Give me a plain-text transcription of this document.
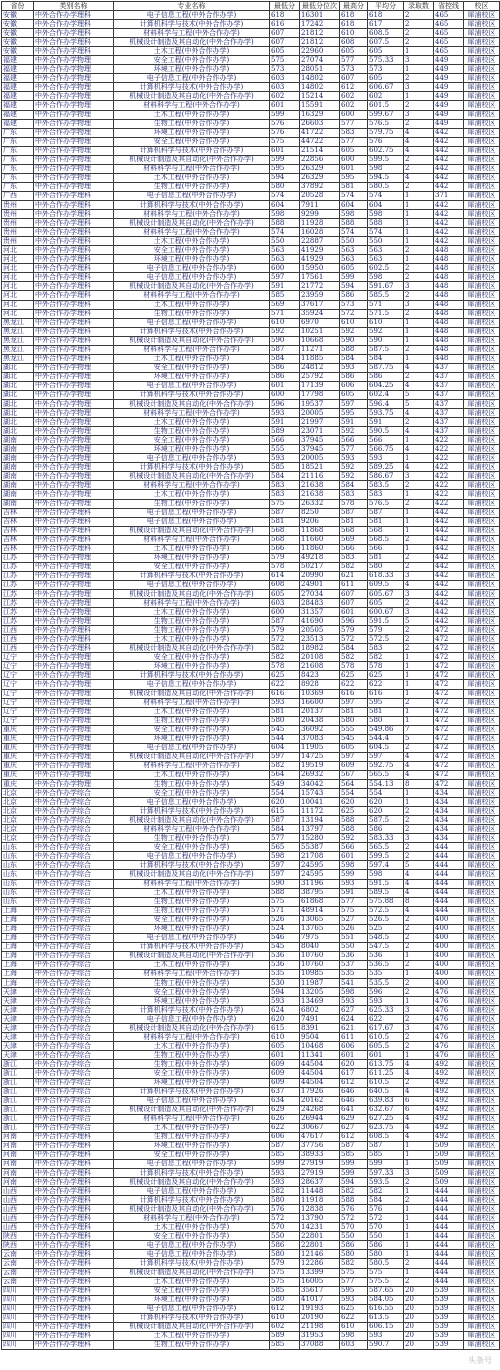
省份	类别名称	专业名称	最低分	最低分位次	最高分	平均分	录取数	省控线	校区
安徽	中外合作办学理科	电子信息工程(中外合作办学)	618	16301	618	618	2	465	犀浦校区
安徽	中外合作办学理科	计算机科学与技术(中外合作办学)	616	17242	618	617	2	465	犀浦校区
安徽	中外合作办学理科	材料科学与工程(中外合作办学)	607	21812	610	608.5	2	465	犀浦校区
安徽	中外合作办学理科	机械设计制造及其自动化(中外合作办学)	607	21812	608	607.5	2	465	犀浦校区
安徽	中外合作办学理科	土木工程(中外合作办学)	605	22960	605	605	1	465	犀浦校区
福建	中外合作办学物理	安全工程(中外合作办学)	575	27074	577	575.33	3	449	犀浦校区
福建	中外合作办学物理	环境工程(中外合作办学)	573	28051	573	573	1	449	犀浦校区
福建	中外合作办学物理	电子信息工程(中外合作办学)	603	14802	607	605	2	449	犀浦校区
福建	中外合作办学物理	计算机科学与技术(中外合作办学)	603	14802	612	606.67	3	449	犀浦校区
福建	中外合作办学物理	机械设计制造及其自动化(中外合作办学)	602	15214	602	602	1	449	犀浦校区
福建	中外合作办学物理	材料科学与工程(中外合作办学)	601	15591	602	601.5	2	449	犀浦校区
福建	中外合作办学物理	土木工程(中外合作办学)	599	16329	600	599.67	3	449	犀浦校区
福建	中外合作办学物理	生物工程(中外合作办学)	576	26603	577	576.5	2	449	犀浦校区
广东	中外合作办学物理	环境工程(中外合作办学)	576	41722	583	579.75	4	442	犀浦校区
广东	中外合作办学物理	安全工程(中外合作办学)	575	44722	577	576	4	442	犀浦校区
广东	中外合作办学物理	计算机科学与技术(中外合作办学)	601	21514	605	602.75	4	442	犀浦校区
广东	中外合作办学物理	机械设计制造及其自动化(中外合作办学)	599	22856	600	599.5	2	442	犀浦校区
广东	中外合作办学物理	材料科学与工程(中外合作办学)	595	26329	601	598	2	442	犀浦校区
广东	中外合作办学物理	土木工程(中外合作办学)	594	26329	595	594.5	4	442	犀浦校区
广东	中外合作办学物理	生物工程(中外合作办学)	580	37892	581	580.5	2	442	犀浦校区
广西	中外合作办学理科	电子信息工程(中外合作办学)	574	20528	574	574	1	371	犀浦校区
贵州	中外合作办学理科	计算机科学与技术(中外合作办学)	604	7911	604	604	1	442	犀浦校区
贵州	中外合作办学理科	材料科学与工程(中外合作办学)	598	9299	598	598	1	442	犀浦校区
贵州	中外合作办学理科	机械设计制造及其自动化(中外合作办学)	588	11928	588	588	1	442	犀浦校区
贵州	中外合作办学理科	材料科学与工程(中外合作办学)	574	16028	574	574	1	442	犀浦校区
贵州	中外合作办学理科	土木工程(中外合作办学)	550	22887	550	550	1	442	犀浦校区
河北	中外合作办学理科	安全工程(中外合作办学)	563	41929	563	563	2	448	犀浦校区
河北	中外合作办学理科	环境工程(中外合作办学)	563	41929	563	563	1	448	犀浦校区
河北	中外合作办学理科	电子信息工程(中外合作办学)	600	15950	605	602.5	2	448	犀浦校区
河北	中外合作办学理科	电子信息工程(中外合作办学)	597	17561	599	598	2	448	犀浦校区
河北	中外合作办学理科	机械设计制造及其自动化(中外合作办学)	591	21772	594	591.67	3	448	犀浦校区
河北	中外合作办学理科	材料科学与工程(中外合作办学)	585	23959	586	585.5	2	448	犀浦校区
河北	中外合作办学理科	土木工程(中外合作办学)	569	37617	573	571	3	448	犀浦校区
河北	中外合作办学理科	生物工程(中外合作办学)	571	35924	572	571.5	2	448	犀浦校区
黑龙江	中外合作办学理科	电子信息工程(中外合作办学)	610	6970	610	610	1	448	犀浦校区
黑龙江	中外合作办学理科	计算机科学与技术(中外合作办学)	592	10251	592	592	1	448	犀浦校区
黑龙江	中外合作办学理科	机械设计制造及其自动化(中外合作办学)	590	10668	590	590	1	448	犀浦校区
黑龙江	中外合作办学理科	材料科学与工程(中外合作办学)	587	11271	588	587.5	2	448	犀浦校区
黑龙江	中外合作办学理科	土木工程(中外合作办学)	584	11885	584	584	1	448	犀浦校区
湖北	中外合作办学物理	安全工程(中外合作办学)	586	24812	593	587.75	4	437	犀浦校区
湖北	中外合作办学物理	环境工程(中外合作办学)	586	25792	586	586	2	437	犀浦校区
湖北	中外合作办学物理	电子信息工程(中外合作办学)	601	17139	606	604.25	4	437	犀浦校区
湖北	中外合作办学物理	计算机科学与技术(中外合作办学)	600	17798	605	602.4	5	437	犀浦校区
湖北	中外合作办学物理	机械设计制造及其自动化(中外合作办学)	596	19537	597	596.4	5	437	犀浦校区
湖北	中外合作办学物理	材料科学与工程(中外合作办学)	593	20005	595	593.75	4	437	犀浦校区
湖北	中外合作办学物理	土木工程(中外合作办学)	591	21997	591	591	2	437	犀浦校区
湖北	中外合作办学物理	生物工程(中外合作办学)	589	23071	592	590.5	4	437	犀浦校区
湖南	中外合作办学物理	安全工程(中外合作办学)	566	37945	566	566	1	422	犀浦校区
湖南	中外合作办学物理	环境工程(中外合作办学)	555	37945	577	566.75	4	422	犀浦校区
湖南	中外合作办学物理	电子信息工程(中外合作办学)	593	20005	593	593	1	422	犀浦校区
湖南	中外合作办学物理	计算机科学与技术(中外合作办学)	585	18521	592	589.25	4	422	犀浦校区
湖南	中外合作办学物理	机械设计制造及其自动化(中外合作办学)	584	21116	592	586.67	3	422	犀浦校区
湖南	中外合作办学物理	材料科学与工程(中外合作办学)	583	21638	584	583.5	2	422	犀浦校区
湖南	中外合作办学物理	土木工程(中外合作办学)	583	21638	583	583	1	422	犀浦校区
湖南	中外合作办学物理	生物工程(中外合作办学)	575	26332	578	576.5	2	422	犀浦校区
吉林	中外合作办学理科	电子信息工程(中外合作办学)	587	8250	587	587	1	442	犀浦校区
吉林	中外合作办学理科	电子信息工程(中外合作办学)	581	9206	581	581	1	442	犀浦校区
吉林	中外合作办学理科	机械设计制造及其自动化(中外合作办学)	568	11868	568	568	1	442	犀浦校区
吉林	中外合作办学理科	材料科学与工程(中外合作办学)	568	11660	569	568.5	2	442	犀浦校区
吉林	中外合作办学理科	土木工程(中外合作办学)	566	11860	566	566	1	442	犀浦校区
江苏	中外合作办学物理	环境工程(中外合作办学)	579	49218	583	581	2	442	犀浦校区
江苏	中外合作办学物理	安全工程(中外合作办学)	578	50217	582	580	2	442	犀浦校区
江苏	中外合作办学物理	计算机科学与技术(中外合作办学)	614	20990	621	618.33	3	442	犀浦校区
江苏	中外合作办学物理	电子信息工程(中外合作办学)	608	24901	611	609.5	4	442	犀浦校区
江苏	中外合作办学物理	机械设计制造及其自动化(中外合作办学)	605	27034	607	605.67	3	442	犀浦校区
江苏	中外合作办学物理	材料科学与工程(中外合作办学)	603	28483	607	605	2	442	犀浦校区
江苏	中外合作办学物理	土木工程(中外合作办学)	600	31357	601	600.67	3	442	犀浦校区
江苏	中外合作办学物理	生物工程(中外合作办学)	587	41690	596	591.5	5	442	犀浦校区
江西	中外合作办学理科	生物工程(中外合作办学)	579	20505	579	579	2	472	犀浦校区
江西	中外合作办学理科	土木工程(中外合作办学)	572	23513	572	572.5	2	472	犀浦校区
江西	中外合作办学理科	机械设计制造及其自动化(中外合作办学)	582	18982	584	583	2	472	犀浦校区
辽宁	中外合作办学物理	安全工程(中外合作办学)	582	20108	582	582	1	472	犀浦校区
辽宁	中外合作办学物理	环境工程(中外合作办学)	578	21608	578	578	1	472	犀浦校区
辽宁	中外合作办学物理	计算机科学与技术(中外合作办学)	625	8423	625	625	1	472	犀浦校区
辽宁	中外合作办学物理	电子信息工程(中外合作办学)	622	8928	622	622	1	472	犀浦校区
辽宁	中外合作办学物理	机械设计制造及其自动化(中外合作办学)	616	10369	616	616	1	472	犀浦校区
辽宁	中外合作办学物理	材料科学与工程(中外合作办学)	593	16600	597	595	2	472	犀浦校区
辽宁	中外合作办学物理	土木工程(中外合作办学)	581	20137	581	581	1	472	犀浦校区
辽宁	中外合作办学物理	生物工程(中外合作办学)	580	20438	580	580	1	472	犀浦校区
重庆	中外合作办学物理	安全工程(中外合作办学)	545	36092	555	549.86	7	472	犀浦校区
重庆	中外合作办学物理	环境工程(中外合作办学)	544	37083	545	544.4	5	472	犀浦校区
重庆	中外合作办学物理	电子信息工程(中外合作办学)	604	11905	605	604.5	2	472	犀浦校区
重庆	中外合作办学物理	机械设计制造及其自动化(中外合作办学)	597	14725	597	597	4	472	犀浦校区
重庆	中外合作办学物理	材料科学与工程(中外合作办学)	582	19519	609	592.75	4	472	犀浦校区
重庆	中外合作办学物理	土木工程(中外合作办学)	564	26932	567	565.5	4	472	犀浦校区
重庆	中外合作办学物理	生物工程(中外合作办学)	549	34042	564	554.13	8	472	犀浦校区
北京	中外合作办学综合	安全工程(中外合作办学)	554	15743	554	554	1	434	犀浦校区
北京	中外合作办学综合	电子信息工程(中外合作办学)	620	10041	620	620	1	434	犀浦校区
北京	中外合作办学综合	计算机科学与技术(中外合作办学)	615	11172	625	620	2	434	犀浦校区
北京	中外合作办学综合	机械设计制造及其自动化(中外合作办学)	587	13194	588	587.5	2	434	犀浦校区
北京	中外合作办学综合	材料科学与工程(中外合作办学)	584	13797	588	586	2	434	犀浦校区
北京	中外合作办学综合	生物工程(中外合作办学)	577	15280	592	583.33	3	434	犀浦校区
山东	中外合作办学综合	安全工程(中外合作办学)	565	55387	566	565.5	2	444	犀浦校区
山东	中外合作办学综合	电子信息工程(中外合作办学)	598	21708	601	599.5	2	444	犀浦校区
山东	中外合作办学综合	计算机科学与技术(中外合作办学)	597	24595	598	597.4	5	444	犀浦校区
山东	中外合作办学综合	机械设计制造及其自动化(中外合作办学)	597	24595	599	598	4	444	犀浦校区
山东	中外合作办学综合	材料科学与工程(中外合作办学)	590	31196	593	591.5	4	444	犀浦校区
山东	中外合作办学综合	土木工程(中外合作办学)	588	38795	591	589.5	4	444	犀浦校区
山东	中外合作办学综合	生物工程(中外合作办学)	575	61868	577	575.88	8	444	犀浦校区
上海	中外合作办学综合	生物工程(中外合作办学)	571	48914	575	572.5	4	444	犀浦校区
上海	中外合作办学综合	安全工程(中外合作办学)	526	13065	527	526.5	2	400	犀浦校区
上海	中外合作办学综合	环境工程(中外合作办学)	524	13765	526	525	2	400	犀浦校区
上海	中外合作办学综合	电子信息工程(中外合作办学)	546	7975	551	548.5	2	400	犀浦校区
上海	中外合作办学综合	计算机科学与技术(中外合作办学)	545	8040	550	547.5	2	400	犀浦校区
上海	中外合作办学综合	机械设计制造及其自动化(中外合作办学)	536	10760	536	536	1	400	犀浦校区
上海	中外合作办学综合	土木工程(中外合作办学)	536	10760	537	536.5	2	400	犀浦校区
上海	中外合作办学综合	材料科学与工程(中外合作办学)	535	10985	535	535	1	400	犀浦校区
上海	中外合作办学综合	生物工程(中外合作办学)	530	11987	541	535.5	2	400	犀浦校区
天津	中外合作办学综合	安全工程(中外合作办学)	594	13205	598	596	2	476	犀浦校区
天津	中外合作办学综合	环境工程(中外合作办学)	593	13469	593	593	1	476	犀浦校区
天津	中外合作办学综合	计算机科学与技术(中外合作办学)	624	6802	627	625.33	3	476	犀浦校区
天津	中外合作办学综合	电子信息工程(中外合作办学)	620	7491	624	622	2	476	犀浦校区
天津	中外合作办学综合	机械设计制造及其自动化(中外合作办学)	615	8391	621	617.67	3	476	犀浦校区
天津	中外合作办学综合	材料科学与工程(中外合作办学)	610	9504	611	610.5	2	476	犀浦校区
天津	中外合作办学综合	土木工程(中外合作办学)	605	10468	606	605.5	2	476	犀浦校区
天津	中外合作办学综合	生物工程(中外合作办学)	601	11341	601	601	1	476	犀浦校区
浙江	中外合作办学综合	生物工程(中外合作办学)	609	44504	620	613.75	4	492	犀浦校区
浙江	中外合作办学综合	安全工程(中外合作办学)	609	44504	617	611.25	4	492	犀浦校区
浙江	中外合作办学综合	环境工程(中外合作办学)	609	44504	612	610.5	2	492	犀浦校区
浙江	中外合作办学综合	计算机科学与技术(中外合作办学)	637	17926	646	640.5	4	492	犀浦校区
浙江	中外合作办学综合	电子信息工程(中外合作办学)	634	20162	646	639.83	6	492	犀浦校区
浙江	中外合作办学综合	机械设计制造及其自动化(中外合作办学)	629	24268	641	632.67	6	492	犀浦校区
浙江	中外合作办学综合	材料科学与工程(中外合作办学)	626	26944	629	627.25	4	492	犀浦校区
浙江	中外合作办学综合	土木工程(中外合作办学)	622	30667	627	623.75	4	492	犀浦校区
河南	中外合作办学理科	生物工程(中外合作办学)	606	47617	612	608.5	4	492	犀浦校区
河南	中外合作办学理科	环境工程(中外合作办学)	587	37756	587	587	1	509	犀浦校区
河南	中外合作办学理科	安全工程(中外合作办学)	585	38933	585	585	1	509	犀浦校区
河南	中外合作办学理科	电子信息工程(中外合作办学)	599	27919	599	599	1	509	犀浦校区
河南	中外合作办学理科	计算机科学与技术(中外合作办学)	593	27919	599	597.33	3	509	犀浦校区
河南	中外合作办学理科	机械设计制造及其自动化(中外合作办学)	593	28637	594	593.5	2	509	犀浦校区
山西	中外合作办学理科	电子信息工程(中外合作办学)	582	11448	582	582	1	444	犀浦校区
山西	中外合作办学理科	计算机科学与技术(中外合作办学)	580	11918	588	584	2	444	犀浦校区
山西	中外合作办学理科	机械设计制造及其自动化(中外合作办学)	576	12838	576	576	1	444	犀浦校区
山西	中外合作办学理科	材料科学与工程(中外合作办学)	572	13790	572	572	1	444	犀浦校区
山西	中外合作办学理科	土木工程(中外合作办学)	570	14231	570	570	1	444	犀浦校区
陕西	中外合作办学理科	安全工程(中外合作办学)	550	22801	550	550	1	444	犀浦校区
陕西	中外合作办学理科	电子信息工程(中外合作办学)	586	22801	586	586	1	444	犀浦校区
云南	中外合作办学理科	电子信息工程(中外合作办学)	580	12146	580	580	1	444	犀浦校区
云南	中外合作办学理科	计算机科学与技术(中外合作办学)	579	12286	582	580.5	2	444	犀浦校区
云南	中外合作办学理科	机械设计制造及其自动化(中外合作办学)	575	13399	575	575	1	444	犀浦校区
云南	中外合作办学理科	土木工程(中外合作办学)	575	16005	577	575.5	2	444	犀浦校区
四川	中外合作办学理科	安全工程(中外合作办学)	585	35617	595	587.65	20	539	犀浦校区
四川	中外合作办学理科	环境工程(中外合作办学)	580	41017	593	584.05	20	539	犀浦校区
四川	中外合作办学理科	电子信息工程(中外合作办学)	612	19193	625	616.55	20	539	犀浦校区
四川	中外合作办学理科	计算机科学与技术(中外合作办学)	610	20190	622	613.5	20	539	犀浦校区
四川	中外合作办学理科	机械设计制造及其自动化(中外合作办学)	602	21198	610	606.15	20	539	犀浦校区
四川	中外合作办学理科	土木工程(中外合作办学)	589	31953	598	593	20	539	犀浦校区
四川	中外合作办学理科	生物工程(中外合作办学)	585	37088	603	590.7	20	539	犀浦校区
头条号
